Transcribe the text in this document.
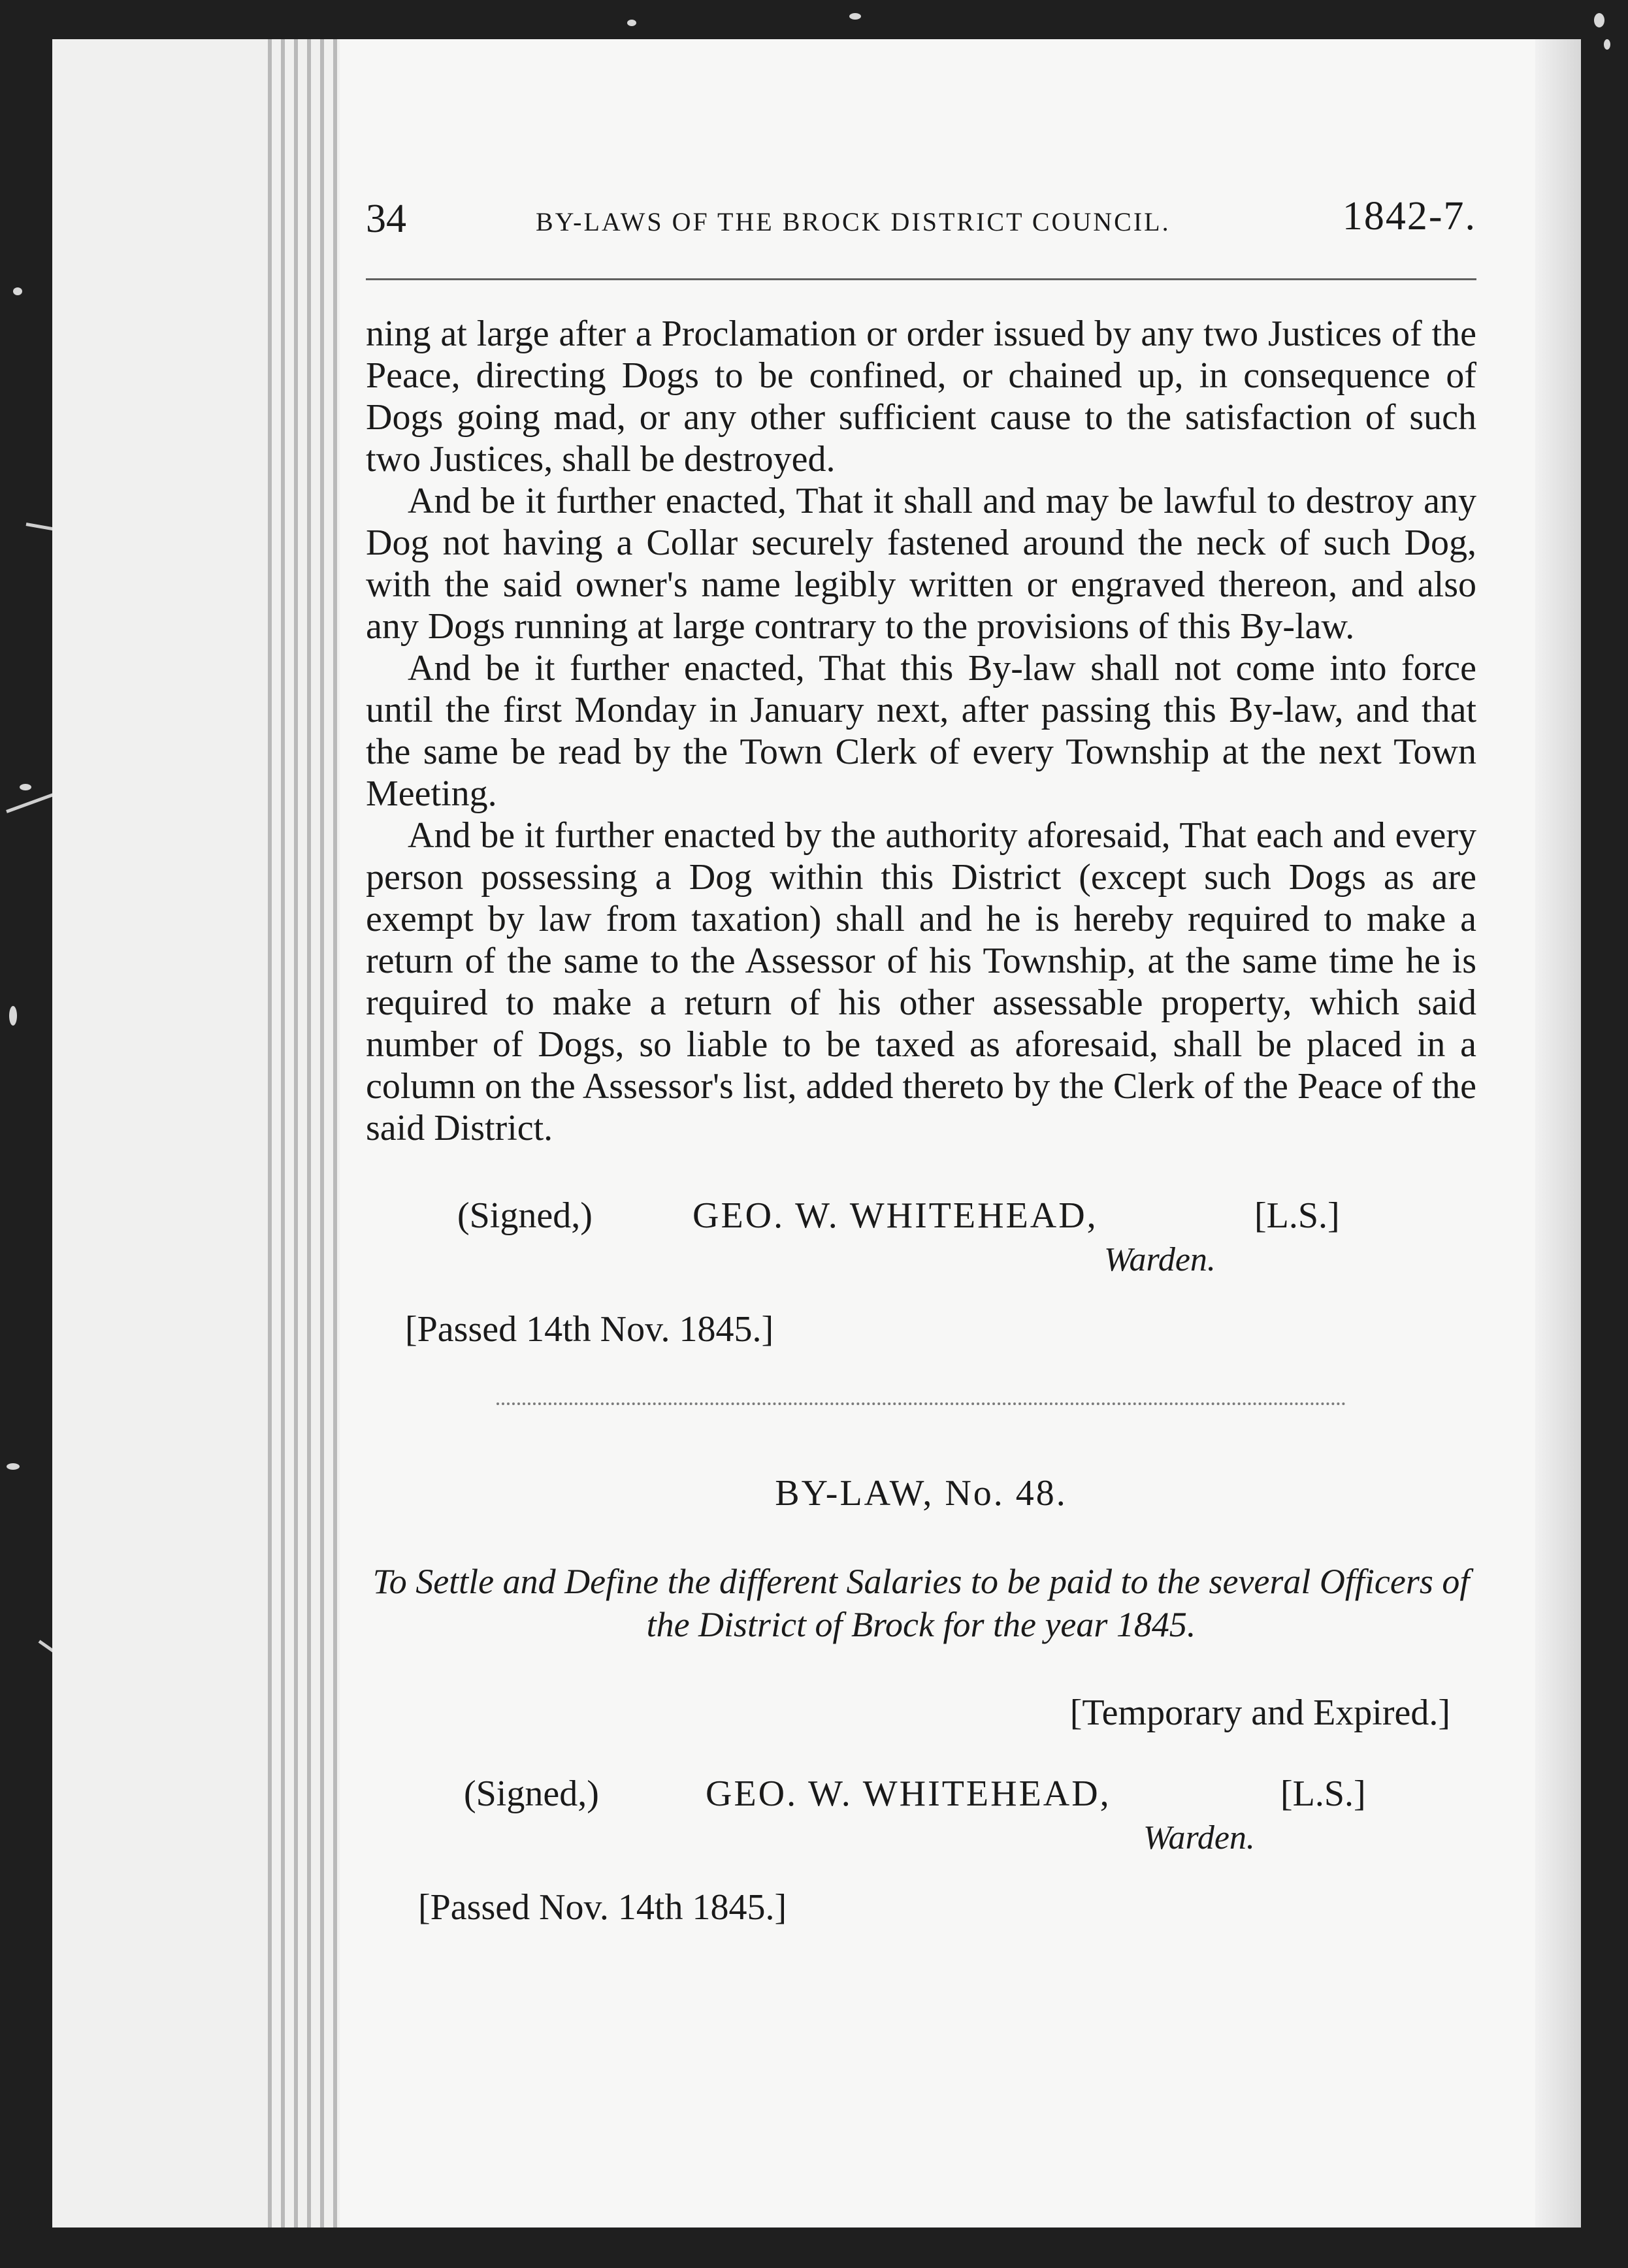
34	BY-LAWS OF THE BROCK DISTRICT COUNCIL.	1842-7.

ning at large after a Proclamation or order issued by any two Justices of the Peace, directing Dogs to be confined, or chained up, in consequence of Dogs going mad, or any other sufficient cause to the satisfaction of such two Justices, shall be destroyed.

And be it further enacted, That it shall and may be lawful to destroy any Dog not having a Collar securely fastened around the neck of such Dog, with the said owner's name legibly written or engraved thereon, and also any Dogs running at large contrary to the provisions of this By-law.

And be it further enacted, That this By-law shall not come into force until the first Monday in January next, after passing this By-law, and that the same be read by the Town Clerk of every Township at the next Town Meeting.

And be it further enacted by the authority aforesaid, That each and every person possessing a Dog within this District (except such Dogs as are exempt by law from taxation) shall and he is hereby required to make a return of the same to the Assessor of his Township, at the same time he is required to make a return of his other assessable property, which said number of Dogs, so liable to be taxed as aforesaid, shall be placed in a column on the Assessor's list, added thereto by the Clerk of the Peace of the said District.

(Signed,)	GEO. W. WHITEHEAD,	[L.S.]
Warden.
[Passed 14th Nov. 1845.]
BY-LAW, No. 48.

To Settle and Define the different Salaries to be paid to the several Officers of the District of Brock for the year 1845.

[Temporary and Expired.]
(Signed,)	GEO. W. WHITEHEAD,	[L.S.]
Warden.
[Passed Nov. 14th 1845.]
